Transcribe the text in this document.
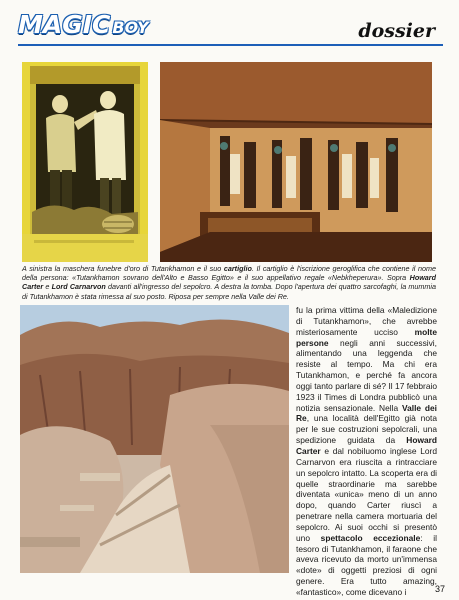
MAGIC BOY	dossier
A sinistra la maschera funebre d'oro di Tutankhamon e il suo cartiglio. Il cartiglio è l'iscrizione geroglifica che contiene il nome della persona: «Tutankhamon sovrano dell'Alto e Basso Egitto» e il suo appellativo regale «Nebkheperura». Sopra Howard Carter e Lord Carnarvon davanti all'ingresso del sepolcro. A destra la tomba. Dopo l'apertura dei quattro sarcofaghi, la mummia di Tutankhamon è stata rimessa al suo posto. Riposa per sempre nella Valle dei Re.
fu la prima vittima della «Maledizione di Tutankhamon», che avrebbe misteriosamente ucciso molte persone negli anni successivi, alimentando una leggenda che resiste al tempo. Ma chi era Tutankhamon, e perché fa ancora oggi tanto parlare di sé? Il 17 febbraio 1923 il Times di Londra pubblicò una notizia sensazionale. Nella Valle dei Re, una località dell'Egitto già nota per le sue costruzioni sepolcrali, una spedizione guidata da Howard Carter e dal nobiluomo inglese Lord Carnarvon era riuscita a rintracciare un sepolcro intatto. La scoperta era di quelle straordinarie ma sarebbe diventata «unica» meno di un anno dopo, quando Carter riuscì a penetrare nella camera mortuaria del sepolcro. Ai suoi occhi si presentò uno spettacolo eccezionale: il tesoro di Tutankhamon, il faraone che aveva ricevuto da morto un'immensa «dote» di oggetti preziosi di ogni genere. Era tutto amazing, «fantastico», come dicevano i	37
